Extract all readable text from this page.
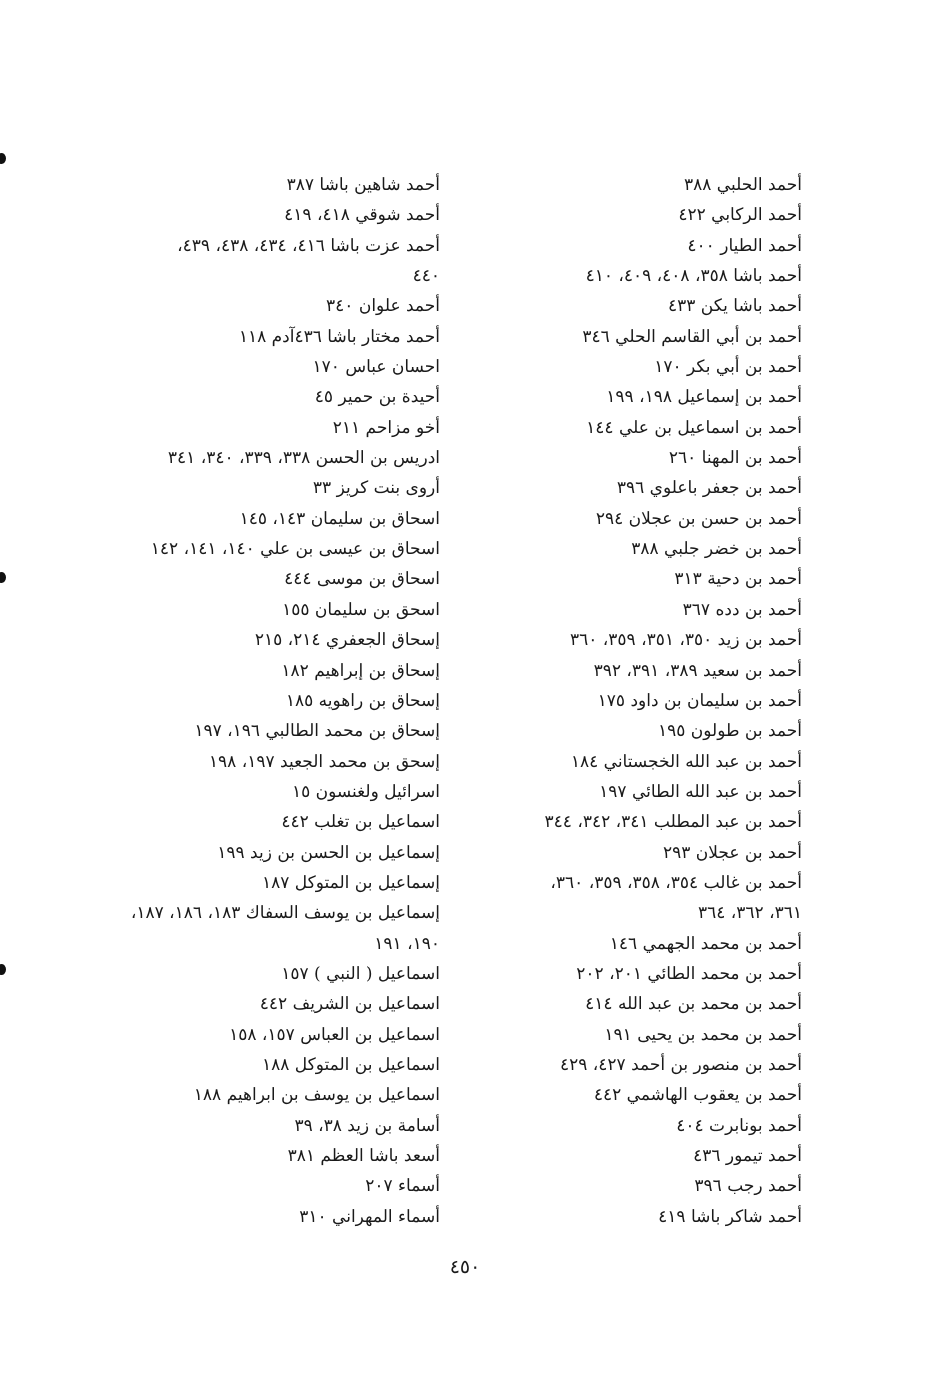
أحمد الحلبي ٣٨٨
أحمد الركابي ٤٢٢
أحمد الطيار ٤٠٠
أحمد باشا ٣٥٨، ٤٠٨، ٤٠٩، ٤١٠
أحمد باشا يكن ٤٣٣
أحمد بن أبي القاسم الحلي ٣٤٦
أحمد بن أبي بكر ١٧٠
أحمد بن إسماعيل ١٩٨، ١٩٩
أحمد بن اسماعيل بن علي ١٤٤
أحمد بن المهنا ٢٦٠
أحمد بن جعفر باعلوي ٣٩٦
أحمد بن حسن بن عجلان ٢٩٤
أحمد بن خضر جلبي ٣٨٨
أحمد بن دحية ٣١٣
أحمد بن دده ٣٦٧
أحمد بن زيد ٣٥٠، ٣٥١، ٣٥٩، ٣٦٠
أحمد بن سعيد ٣٨٩، ٣٩١، ٣٩٢
أحمد بن سليمان بن داود ١٧٥
أحمد بن طولون ١٩٥
أحمد بن عبد الله الخجستاني ١٨٤
أحمد بن عبد الله الطائي ١٩٧
أحمد بن عبد المطلب ٣٤١، ٣٤٢، ٣٤٤
أحمد بن عجلان ٢٩٣
أحمد بن غالب ٣٥٤، ٣٥٨، ٣٥٩، ٣٦٠،
٣٦١، ٣٦٢، ٣٦٤
أحمد بن محمد الجهمي ١٤٦
أحمد بن محمد الطائي ٢٠١، ٢٠٢
أحمد بن محمد بن عبد الله ٤١٤
أحمد بن محمد بن يحيى ١٩١
أحمد بن منصور بن أحمد ٤٢٧، ٤٢٩
أحمد بن يعقوب الهاشمي ٤٤٢
أحمد بونابرت ٤٠٤
أحمد تيمور ٤٣٦
أحمد رجب ٣٩٦
أحمد شاكر باشا ٤١٩
أحمد شاهين باشا ٣٨٧
أحمد شوقي ٤١٨، ٤١٩
أحمد عزت باشا ٤١٦، ٤٣٤، ٤٣٨، ٤٣٩،
٤٤٠
أحمد علوان ٣٤٠
أحمد مختار باشا ٤٣٦آدم ١١٨
احسان عباس ١٧٠
أحيدة بن حمير ٤٥
أخو مزاحم ٢١١
ادريس بن الحسن ٣٣٨، ٣٣٩، ٣٤٠، ٣٤١
أروى بنت كريز ٣٣
اسحاق بن سليمان ١٤٣، ١٤٥
اسحاق بن عيسى بن علي ١٤٠، ١٤١، ١٤٢
اسحاق بن موسى ٤٤٤
اسحق بن سليمان ١٥٥
إسحاق الجعفري ٢١٤، ٢١٥
إسحاق بن إبراهيم ١٨٢
إسحاق بن راهويه ١٨٥
إسحاق بن محمد الطالبي ١٩٦، ١٩٧
إسحق بن محمد الجعيد ١٩٧، ١٩٨
اسرائيل ولغنسون ١٥
اسماعيل بن تغلب ٤٤٢
إسماعيل بن الحسن بن زيد ١٩٩
إسماعيل بن المتوكل ١٨٧
إسماعيل بن يوسف السفاك ١٨٣، ١٨٦، ١٨٧،
١٩٠، ١٩١
اسماعيل ( النبي ) ١٥٧
اسماعيل بن الشريف ٤٤٢
اسماعيل بن العباس ١٥٧، ١٥٨
اسماعيل بن المتوكل ١٨٨
اسماعيل بن يوسف بن ابراهيم ١٨٨
أسامة بن زيد ٣٨، ٣٩
أسعد باشا العظم ٣٨١
أسماء ٢٠٧
أسماء المهراني ٣١٠
٤٥٠
